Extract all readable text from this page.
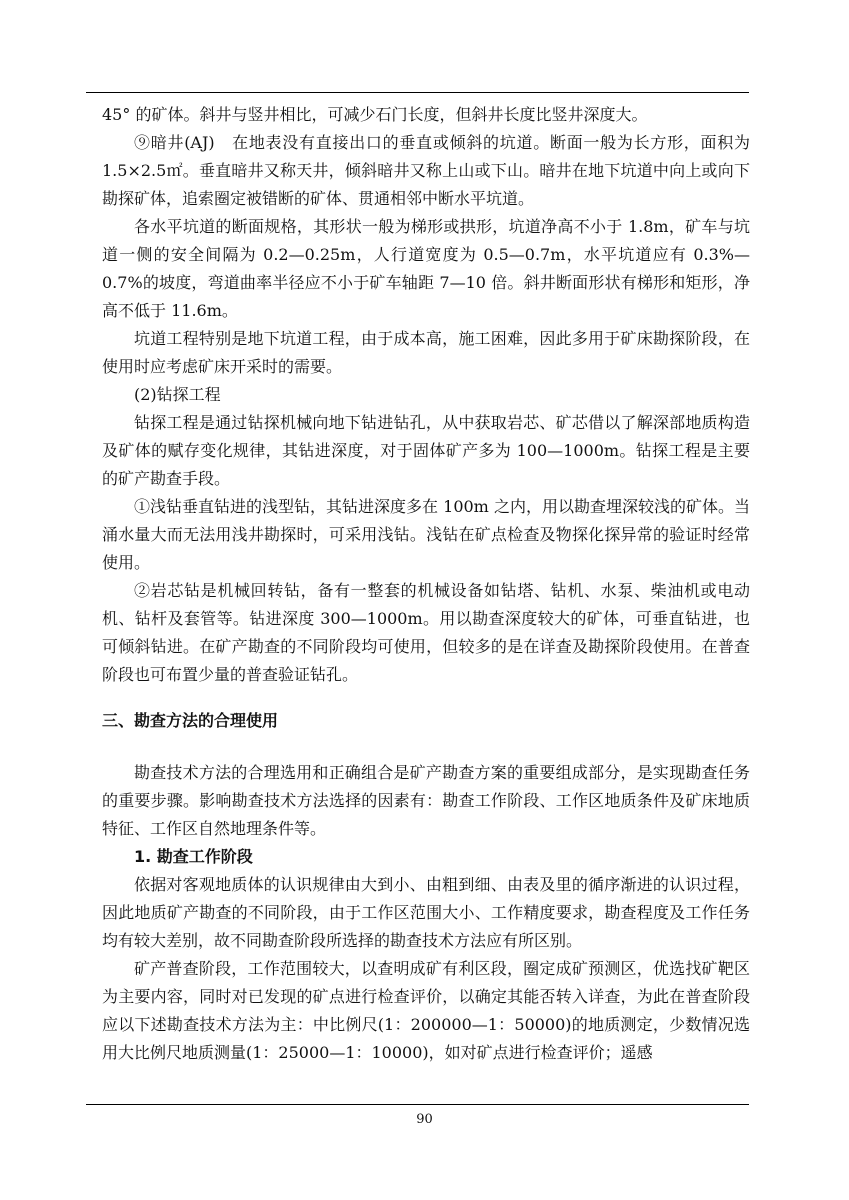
45° 的矿体。斜井与竖井相比，可减少石门长度，但斜井长度比竖井深度大。

⑨暗井(AJ)　在地表没有直接出口的垂直或倾斜的坑道。断面一般为长方形，面积为 1.5×2.5㎡。垂直暗井又称天井，倾斜暗井又称上山或下山。暗井在地下坑道中向上或向下勘探矿体，追索圈定被错断的矿体、贯通相邻中断水平坑道。

各水平坑道的断面规格，其形状一般为梯形或拱形，坑道净高不小于 1.8m，矿车与坑道一侧的安全间隔为 0.2—0.25m，人行道宽度为 0.5—0.7m，水平坑道应有 0.3%—0.7%的坡度，弯道曲率半径应不小于矿车轴距 7—10 倍。斜井断面形状有梯形和矩形，净高不低于 11.6m。

坑道工程特别是地下坑道工程，由于成本高，施工困难，因此多用于矿床勘探阶段，在使用时应考虑矿床开采时的需要。

(2)钻探工程

钻探工程是通过钻探机械向地下钻进钻孔，从中获取岩芯、矿芯借以了解深部地质构造及矿体的赋存变化规律，其钻进深度，对于固体矿产多为 100—1000m。钻探工程是主要的矿产勘查手段。

①浅钻垂直钻进的浅型钻，其钻进深度多在 100m 之内，用以勘查埋深较浅的矿体。当涌水量大而无法用浅井勘探时，可采用浅钻。浅钻在矿点检查及物探化探异常的验证时经常使用。

②岩芯钻是机械回转钻，备有一整套的机械设备如钻塔、钻机、水泵、柴油机或电动机、钻杆及套管等。钻进深度 300—1000m。用以勘查深度较大的矿体，可垂直钻进，也可倾斜钻进。在矿产勘查的不同阶段均可使用，但较多的是在详查及勘探阶段使用。在普查阶段也可布置少量的普查验证钻孔。

三、勘查方法的合理使用

勘查技术方法的合理选用和正确组合是矿产勘查方案的重要组成部分，是实现勘查任务的重要步骤。影响勘查技术方法选择的因素有：勘查工作阶段、工作区地质条件及矿床地质特征、工作区自然地理条件等。

1. 勘查工作阶段

依据对客观地质体的认识规律由大到小、由粗到细、由表及里的循序渐进的认识过程，因此地质矿产勘查的不同阶段，由于工作区范围大小、工作精度要求，勘查程度及工作任务均有较大差别，故不同勘查阶段所选择的勘查技术方法应有所区别。

矿产普查阶段，工作范围较大，以查明成矿有利区段，圈定成矿预测区，优选找矿靶区为主要内容，同时对已发现的矿点进行检查评价，以确定其能否转入详查，为此在普查阶段应以下述勘查技术方法为主：中比例尺(1：200000—1：50000)的地质测定，少数情况选用大比例尺地质测量(1：25000—1：10000)，如对矿点进行检查评价；遥感

90
